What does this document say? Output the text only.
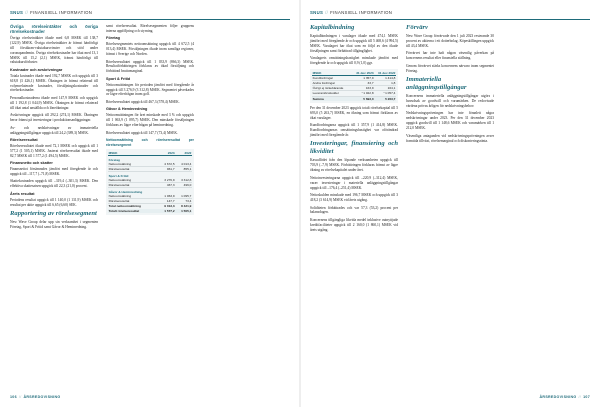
SNUS // FINANSIELL INFORMATION
Övriga rörelseintäkter och övriga rörelsekostnader

Övriga rörelseintäkter ökade med 6,8 MSEK till 138,7 (122,9) MSEK. Övriga rörelseintäkter är främst hänförligt till försäkran-valutakursvinster och stöd under coronapandemin. Övriga rörelsekostnader har ökat med 13,1 MSEK till 15,2 (2,1) MSEK, främst hänförligt till valutakursförluster.

Kostnader och avskrivningar

Totala kostnader ökade med 192,7 MSEK och uppgick till 3 618,8 (3 426,1) MSEK. Ökningen är främst relaterad till volymrelaterade kostnader, försäljningskostnader och rörelsekostnader.

Personalkostnaderna ökade med 147,9 MSEK och uppgick till 1 192,8 (1 044,9) MSEK. Ökningen är främst relaterad till ökat antal anställda och löneökningar.

Avskrivningar uppgick till 292,2 (274,1) MSEK. Ökningen beror främst på investeringar i produktionsanläggningar.

Av- och nedskrivningar av immateriella anläggningstillgångar uppgick till 24,2 (389,3) MSEK.

Rörelseresultat

Rörelseresultatet ökade med 72,1 MSEK och uppgick till 1 577,2 (1 505,1) MSEK. Justerat rörelseresultat ökade med 82,7 MSEK till 1 577,2 (1 494,5) MSEK.

Finansnetto och skatter

Finansnettot försämrades jämfört med föregående år och uppgick till –117,7 (–71,8) MSEK.

Skattekostnaden uppgick till –319,4 (–301,3) MSEK. Den effektiva skattesatsen uppgick till 22,3 (21,0) procent.

Årets resultat

Periodens resultat uppgick till 1 140,0 (1 131,9) MSEK och resultat per aktie uppgick till 6,65 (6,60) SEK.

Rapportering av rörelsesegment

New Wave Group delar upp sin verksamhet i segmenten Företag, Sport & Fritid samt Gåvor & Heminredning.

samt rörelseresultat. Rörelsesegmenten följer gruppens interna uppföljning och styrning.

Företag

Rörelsesegmentets nettoomsättning uppgick till 4 672,5 (4 013,4) MSEK. Försäljningen ökade inom samtliga regioner, främst i Sverige och Norden.

Rörelseresultatet uppgick till 1 033,9 (866,3) MSEK. Resultatförbättringen förklaras av ökad försäljning och förbättrad bruttomarginal.

Sport & Fritid

Nettoomsättningen för perioden jämfört med föregående år uppgick till 3 276,9 (3 312,8) MSEK. Segmentet påverkades av lägre efterfrågan inom golf.

Rörelseresultatet uppgick till 467,3 (578,4) MSEK.

Gåvor & Heminredning

Nettoomsättningen för året minskade med 3 % och uppgick till 1 063,9 (1 095,7) MSEK. Den minskade försäljningen förklaras av lägre efterfrågan på heminredning.

Rörelseresultatet uppgick till 147,7 (73,4) MSEK.

Nettoomsättning och rörelseresultat per rörelsesegment
MSEK	2023	2022
Företag		
Nettoomsättning	4 672,5	4 013,4
Rörelseresultat	961,7	855,1
Sport & Fritid		
Nettoomsättning	3 276,9	3 312,8
Rörelseresultat	467,3	496,0
Gåvor & Heminredning		
Nettoomsättning	1 063,9	1 095,7
Rörelseresultat	147,7	73,4
Total nettoomsättning	9 013,3	8 421,9
Totalt rörelseresultat	1 577,2	1 505,1
106 // ÅRSREDOVISNING
SNUS // FINANSIELL INFORMATION
Kapitalbindning

Kapitalbindningen i varulager ökade med 474,1 MSEK jämfört med föregående år och uppgick till 5 468,6 (4 994,5) MSEK. Varulagret har ökat som en följd av den ökade försäljningen samt förbättrad tillgänglighet.

Varulagrets omsättningshastighet minskade jämfört med föregående år och uppgick till 0,9 (1,0) ggr.

MSEK	31 dec 2023	31 dec 2022
Kundfordringar	1 357,9	1 414,8
Andra fordringar	33,7	1,8
Övrigt ej räntebärande	163,9	164,1
Leverantörsskulder	−1 022,8	−1 057,4
Summa	5 693,0	5 263,7

Per den 31 december 2023 uppgick totalt rörelsekapital till 5 693,0 (5 263,7) MSEK, en ökning som främst förklaras av ökat varulager.

Kundfordringarna uppgick till 1 357,9 (1 414,8) MSEK. Kundfordringarnas omsättningshastighet var oförändrad jämfört med föregående år.

Investeringar, finansiering och likviditet

Kassaflödet från den löpande verksamheten uppgick till 703,9 (–7,9) MSEK. Förbättringen förklaras främst av lägre ökning av rörelsekapitalet under året.

Nettoinvesteringarna uppgick till –220,9 (–312,4) MSEK, varav investeringar i materiella anläggningstillgångar uppgick till –176,4 (–251,4) MSEK.

Nettoskulden minskade med 196,7 MSEK och uppgick till 3 418,2 (3 614,9) MSEK vid årets utgång.

Soliditeten förbättrades och var 57,3 (53,2) procent per balansdagen.

Koncernens tillgängliga likvida medel inklusive outnyttjade kreditfaciliteter uppgick till 2 160,0 (1 860,1) MSEK vid årets utgång.

Förvärv

New Wave Group förvärvade den 1 juli 2023 resterande 30 procent av aktierna i ett dotterbolag. Köpeskillingen uppgick till 43,4 MSEK.

Förvärvet har inte haft någon väsentlig påverkan på koncernens resultat eller finansiella ställning.

Genom förvärvet stärks koncernens närvaro inom segmentet Företag.

Immateriella anläggningstillgångar

Koncernens immateriella anläggningstillgångar utgörs i huvudsak av goodwill och varumärken. De redovisade värdena prövas årligen för nedskrivningsbehov.

Nedskrivningsprövningen har inte föranlett några nedskrivningar under 2023. Per den 31 december 2023 uppgick goodwill till 1 148,6 MSEK och varumärken till 1 212,0 MSEK.

Väsentliga antaganden vid nedskrivningsprövningen avser framtida tillväxt, rörelsemarginal och diskonteringsränta.

ÅRSREDOVISNING // 107
